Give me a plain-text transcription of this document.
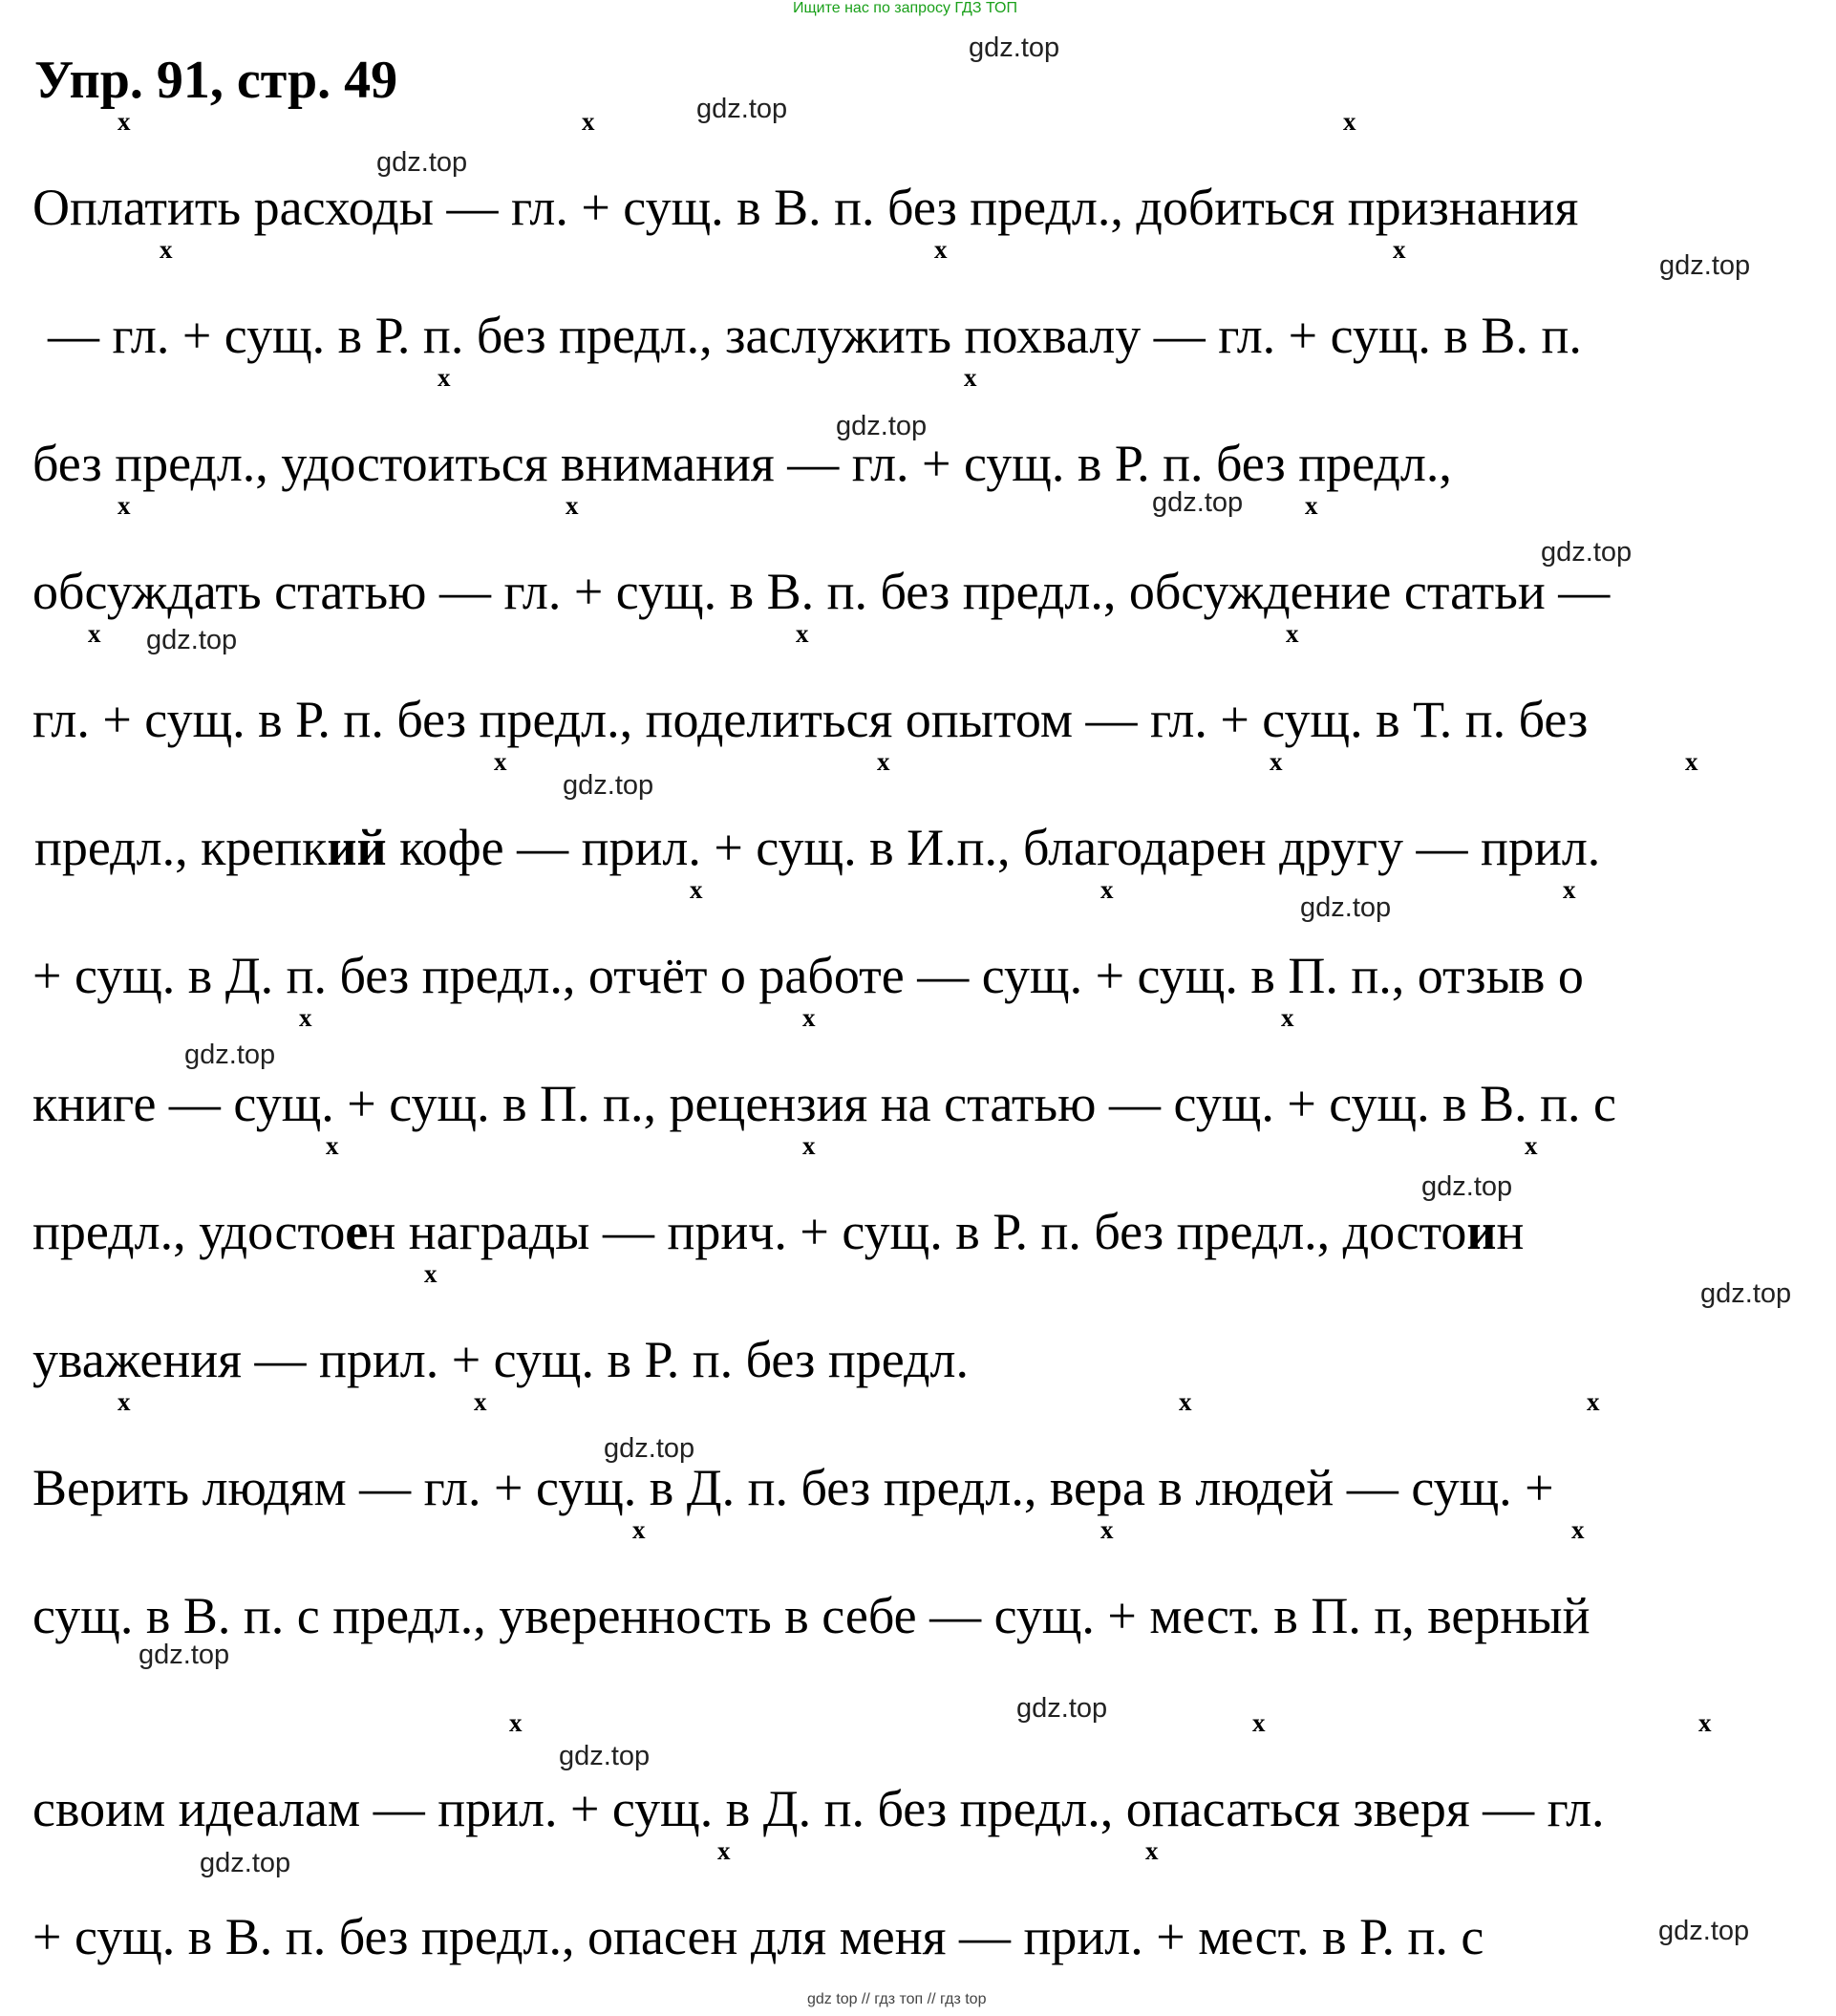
Ищите нас по запросу ГДЗ ТОП
Упр. 91, стр. 49
Оплатить расходы — гл. + сущ. в В. п. без предл., добиться признания
— гл. + сущ. в Р. п. без предл., заслужить похвалу — гл. + сущ. в В. п.
без предл., удостоиться внимания — гл. + сущ. в Р. п. без предл.,
обсуждать статью — гл. + сущ. в В. п. без предл., обсуждение статьи —
гл. + сущ. в Р. п. без предл., поделиться опытом — гл. + сущ. в Т. п. без
предл., крепкий кофе — прил. + сущ. в И.п., благодарен другу — прил.
+ сущ. в Д. п. без предл., отчёт о работе — сущ. + сущ. в П. п., отзыв о
книге — сущ. + сущ. в П. п., рецензия на статью — сущ. + сущ. в В. п. с
предл., удостоен награды — прич. + сущ. в Р. п. без предл., достоин
уважения — прил. + сущ. в Р. п. без предл.
Верить людям — гл. + сущ. в Д. п. без предл., вера в людей — сущ. +
сущ. в В. п. с предл., уверенность в себе — сущ. + мест. в П. п, верный
своим идеалам — прил. + сущ. в Д. п. без предл., опасаться зверя — гл.
+ сущ. в В. п. без предл., опасен для меня — прил. + мест. в Р. п. с
gdz.top
gdz.top
gdz.top
gdz.top
gdz.top
gdz.top
gdz.top
gdz.top
gdz.top
gdz.top
gdz.top
gdz.top
gdz.top
gdz.top
gdz.top
gdz.top
gdz.top
gdz.top
gdz.top
x	x	x
x	x	x
x	x
x	x	x
x	x	x
x	x	x	x
x	x	x
x	x	x
x	x	x
x
x	x	x	x
x	x	x
x	x	x
x	x
gdz top // гдз топ // гдз top
